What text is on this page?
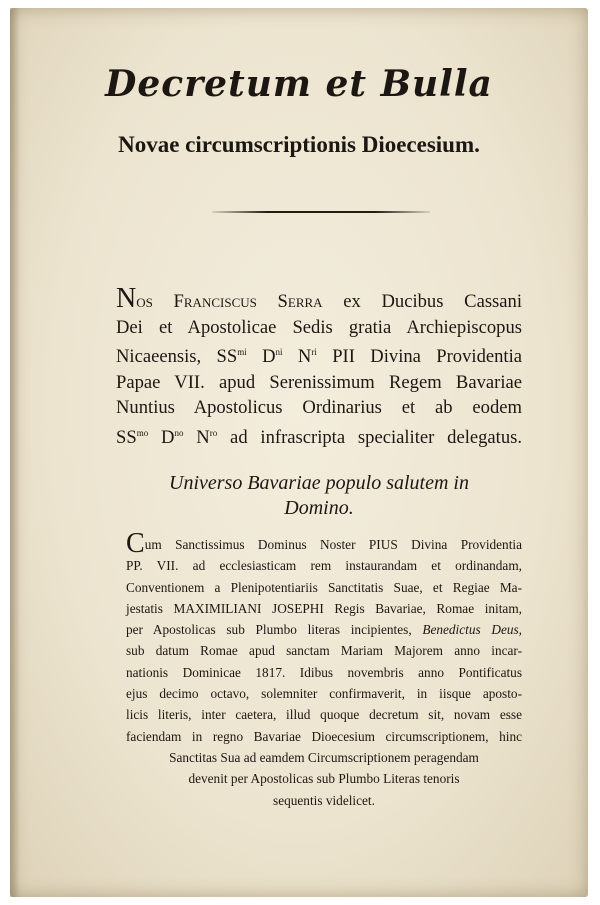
Decretum et Bulla
Novae circumscriptionis Dioecesium.
Nos Franciscus Serra ex Ducibus Cassani
Dei et Apostolicae Sedis gratia Archiepiscopus
Nicaeensis, $SS^{mi}$ $D^{ni}$ $N^{ri}$ PII Divina Providentia
Papae VII. apud Serenissimum Regem Bavariae
Nuntius Apostolicus Ordinarius et ab eodem
$SS^{mo}$ $D^{no}$ $N^{ro}$ ad infrascripta specialiter delegatus.
Universo Bavariae populo salutem in
Domino.
Cum Sanctissimus Dominus Noster PIUS Divina Providentia
PP. VII. ad ecclesiasticam rem instaurandam et ordinandam,
Conventionem a Plenipotentiariis Sanctitatis Suae, et Regiae Ma-
jestatis MAXIMILIANI JOSEPHI Regis Bavariae, Romae initam,
per Apostolicas sub Plumbo literas incipientes, Benedictus Deus,
sub datum Romae apud sanctam Mariam Majorem anno incar-
nationis Dominicae 1817. Idibus novembris anno Pontificatus
ejus decimo octavo, solemniter confirmaverit, in iisque aposto-
licis literis, inter caetera, illud quoque decretum sit, novam esse
faciendam in regno Bavariae Dioecesium circumscriptionem, hinc
Sanctitas Sua ad eamdem Circumscriptionem peragendam
devenit per Apostolicas sub Plumbo Literas tenoris
sequentis videlicet.
